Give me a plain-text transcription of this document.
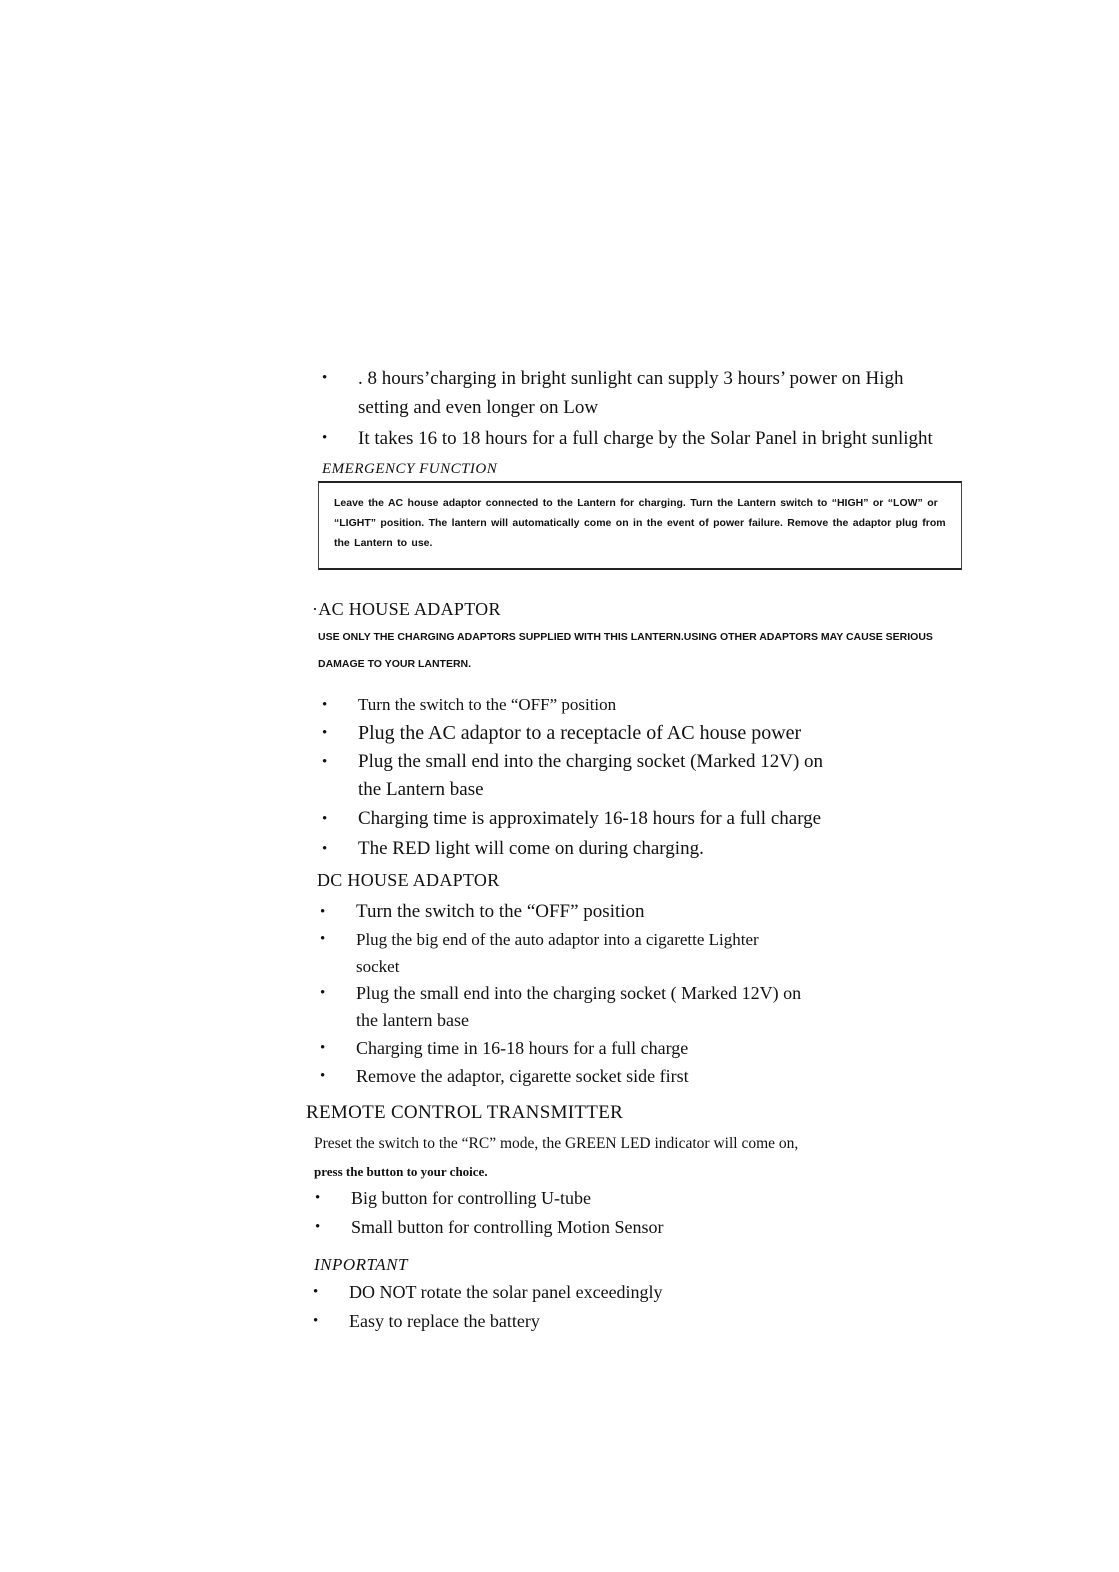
• . 8 hours’charging in bright sunlight can supply 3 hours’ power on High setting and even longer on Low
• It takes 16 to 18 hours for a full charge by the Solar Panel in bright sunlight
EMERGENCY FUNCTION

Leave the AC house adaptor connected to the Lantern for charging. Turn the Lantern switch to “HIGH” or “LOW” or “LIGHT” position. The lantern will automatically come on in the event of power failure. Remove the adaptor plug from the Lantern to use.

·AC HOUSE ADAPTOR

USE ONLY THE CHARGING ADAPTORS SUPPLIED WITH THIS LANTERN.USING OTHER ADAPTORS MAY CAUSE SERIOUS DAMAGE TO YOUR LANTERN.

• Turn the switch to the “OFF” position
• Plug the AC adaptor to a receptacle of AC house power
• Plug the small end into the charging socket (Marked 12V) on the Lantern base
• Charging time is approximately 16-18 hours for a full charge
• The RED light will come on during charging.
DC HOUSE ADAPTOR
• Turn the switch to the “OFF” position
• Plug the big end of the auto adaptor into a cigarette Lighter socket
• Plug the small end into the charging socket ( Marked 12V) on the lantern base
• Charging time in 16-18 hours for a full charge
• Remove the adaptor, cigarette socket side first
REMOTE CONTROL TRANSMITTER

Preset the switch to the “RC” mode, the GREEN LED indicator will come on,
press the button to your choice.

• Big button for controlling U-tube
• Small button for controlling Motion Sensor
INPORTANT
• DO NOT rotate the solar panel exceedingly
• Easy to replace the battery
